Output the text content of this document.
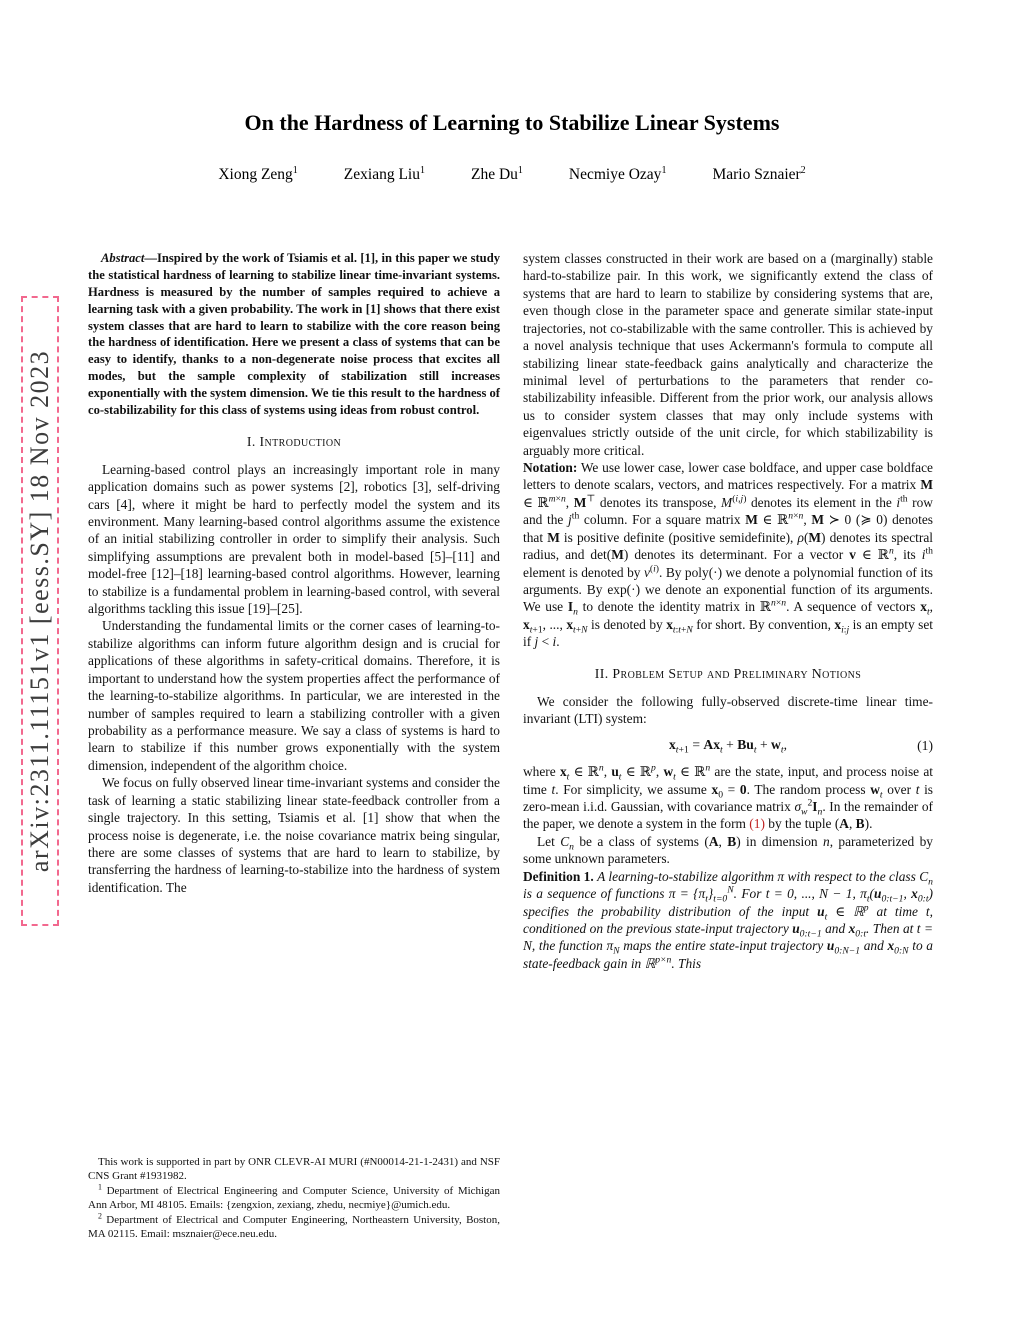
arXiv:2311.11151v1 [eess.SY] 18 Nov 2023
On the Hardness of Learning to Stabilize Linear Systems
Xiong Zeng$^1$	Zexiang Liu$^1$	Zhe Du$^1$	Necmiye Ozay$^1$	Mario Sznaier$^2$

Abstract—Inspired by the work of Tsiamis et al. [1], in this paper we study the statistical hardness of learning to stabilize linear time-invariant systems. Hardness is measured by the number of samples required to achieve a learning task with a given probability. The work in [1] shows that there exist system classes that are hard to learn to stabilize with the core reason being the hardness of identification. Here we present a class of systems that can be easy to identify, thanks to a non-degenerate noise process that excites all modes, but the sample complexity of stabilization still increases exponentially with the system dimension. We tie this result to the hardness of co-stabilizability for this class of systems using ideas from robust control.

I. Introduction

Learning-based control plays an increasingly important role in many application domains such as power systems [2], robotics [3], self-driving cars [4], where it might be hard to perfectly model the system and its environment. Many learning-based control algorithms assume the existence of an initial stabilizing controller in order to simplify their analysis. Such simplifying assumptions are prevalent both in model-based [5]–[11] and model-free [12]–[18] learning-based control algorithms. However, learning to stabilize is a fundamental problem in learning-based control, with several algorithms tackling this issue [19]–[25].

Understanding the fundamental limits or the corner cases of learning-to-stabilize algorithms can inform future algorithm design and is crucial for applications of these algorithms in safety-critical domains. Therefore, it is important to understand how the system properties affect the performance of the learning-to-stabilize algorithms. In particular, we are interested in the number of samples required to learn a stabilizing controller with a given probability as a performance measure. We say a class of systems is hard to learn to stabilize if this number grows exponentially with the system dimension, independent of the algorithm choice.

We focus on fully observed linear time-invariant systems and consider the task of learning a static stabilizing linear state-feedback controller from a single trajectory. In this setting, Tsiamis et al. [1] show that when the process noise is degenerate, i.e. the noise covariance matrix being singular, there are some classes of systems that are hard to learn to stabilize, by transferring the hardness of learning-to-stabilize into the hardness of system identification. The

This work is supported in part by ONR CLEVR-AI MURI (#N00014-21-1-2431) and NSF CNS Grant #1931982.

$^1$ Department of Electrical Engineering and Computer Science, University of Michigan Ann Arbor, MI 48105. Emails: {zengxion, zexiang, zhedu, necmiye}@umich.edu.

$^2$ Department of Electrical and Computer Engineering, Northeastern University, Boston, MA 02115. Email: msznaier@ece.neu.edu.

system classes constructed in their work are based on a (marginally) stable hard-to-stabilize pair. In this work, we significantly extend the class of systems that are hard to learn to stabilize by considering systems that are, even though close in the parameter space and generate similar state-input trajectories, not co-stabilizable with the same controller. This is achieved by a novel analysis technique that uses Ackermann's formula to compute all stabilizing linear state-feedback gains analytically and characterize the minimal level of perturbations to the parameters that render co-stabilizability infeasible. Different from the prior work, our analysis allows us to consider system classes that may only include systems with eigenvalues strictly outside of the unit circle, for which stabilizability is arguably more critical.

Notation: We use lower case, lower case boldface, and upper case boldface letters to denote scalars, vectors, and matrices respectively. For a matrix M ∈ ℝ$^{m\times n}$, M⊤ denotes its transpose, M$^{(i,j)}$ denotes its element in the $i^{th}$ row and the $j^{th}$ column. For a square matrix M ∈ ℝ$^{n\times n}$, M ≻ 0 (≽ 0) denotes that M is positive definite (positive semidefinite), ρ(M) denotes its spectral radius, and det(M) denotes its determinant. For a vector v ∈ ℝ$^n$, its $i^{th}$ element is denoted by $v^{(i)}$. By poly(·) we denote a polynomial function of its arguments. By exp(·) we denote an exponential function of its arguments. We use $I_n$ to denote the identity matrix in ℝ$^{n\times n}$. A sequence of vectors $x_t$, $x_{t+1}$, ..., $x_{t+N}$ is denoted by $x_{t:t+N}$ for short. By convention, $x_{i:j}$ is an empty set if j < i.

II. Problem Setup and Preliminary Notions

We consider the following fully-observed discrete-time linear time-invariant (LTI) system:

$x_{t+1} = Ax_t + Bu_t + w_t$,	(1)

where $x_t$ ∈ ℝ$^n$, $u_t$ ∈ ℝ$^p$, $w_t$ ∈ ℝ$^n$ are the state, input, and process noise at time t. For simplicity, we assume $x_0 = 0$. The random process $w_t$ over t is zero-mean i.i.d. Gaussian, with covariance matrix $\sigma_w^2I_n$. In the remainder of the paper, we denote a system in the form (1) by the tuple (A, B).

Let $C_n$ be a class of systems (A, B) in dimension n, parameterized by some unknown parameters.

Definition 1. A learning-to-stabilize algorithm π with respect to the class $C_n$ is a sequence of functions $\pi = \{\pi_t\}_{t=0}^N$. For t = 0, ..., N − 1, $\pi_t(u_{0:t-1}$, $x_{0:t}$) specifies the probability distribution of the input $u_t$ ∈ ℝ$^p$ at time t, conditioned on the previous state-input trajectory $u_{0:t-1}$ and $x_{0:t}$. Then at t = N, the function $\pi_N$ maps the entire state-input trajectory $u_{0:N-1}$ and $x_{0:N}$ to a state-feedback gain in ℝ$^{p\times n}$. This
